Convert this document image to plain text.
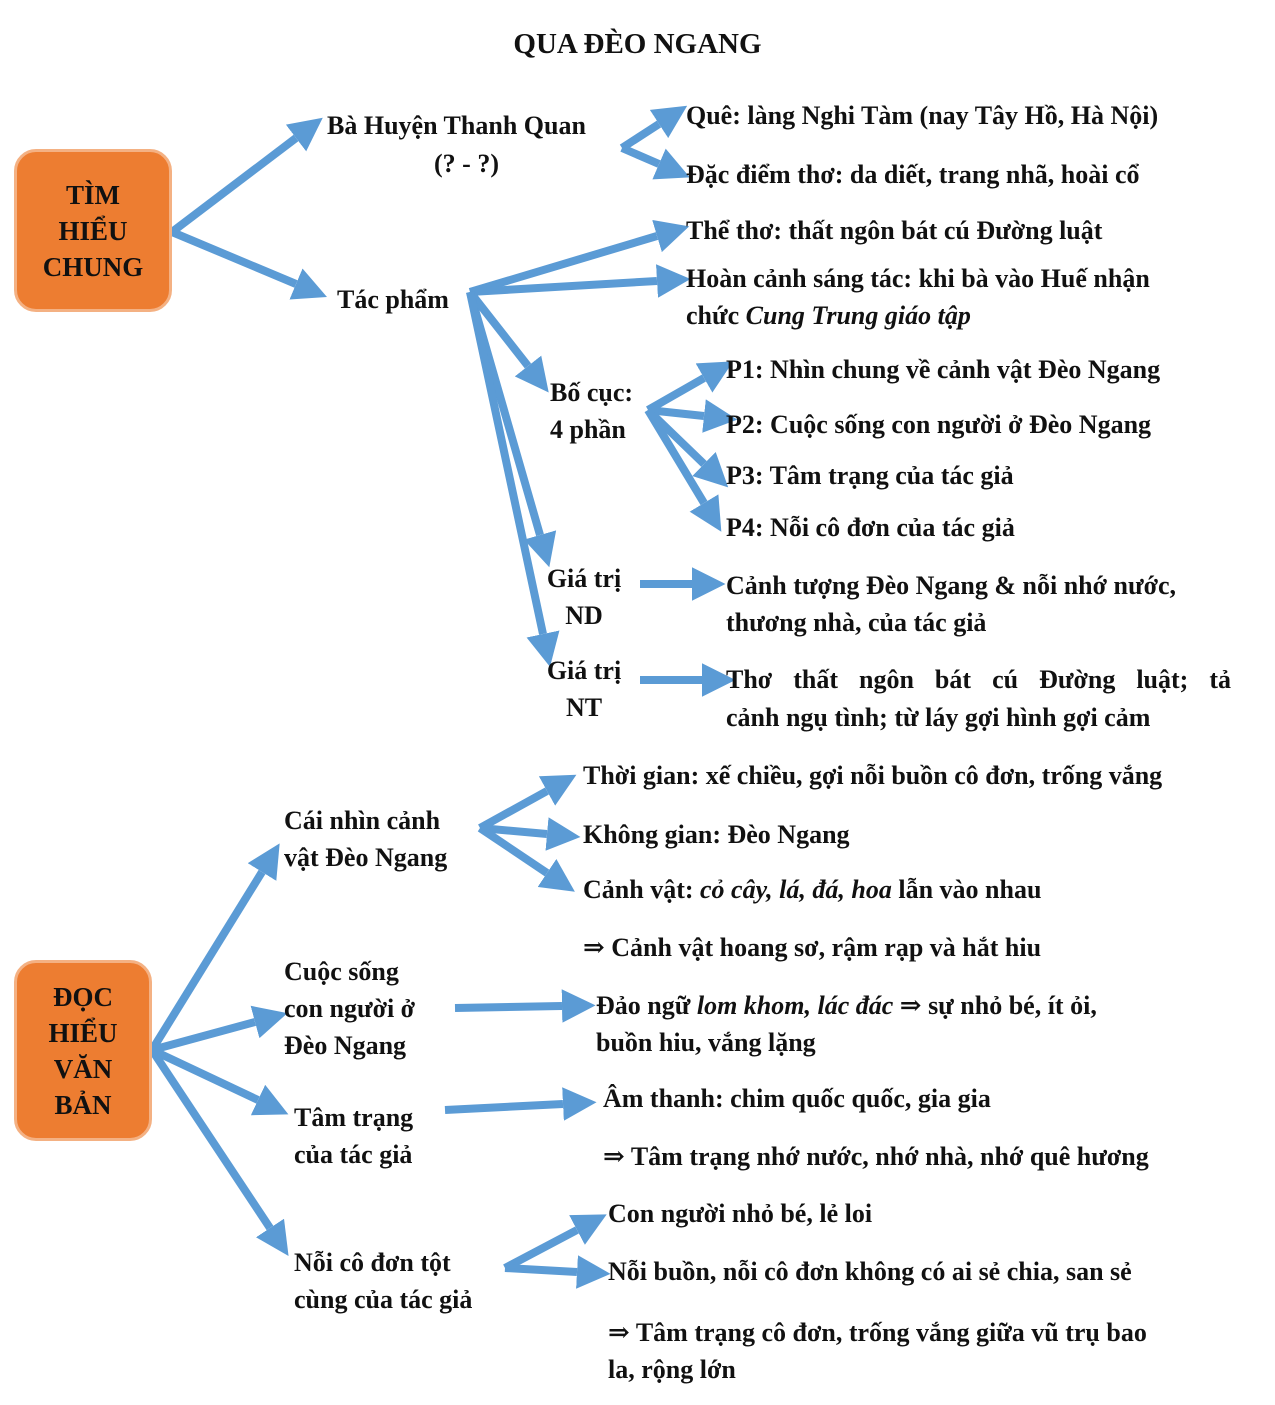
QUA ĐÈO NGANG
TÌM
HIỂU
CHUNG
Bà Huyện Thanh Quan
(? - ?)
Quê: làng Nghi Tàm (nay Tây Hồ, Hà Nội)
Đặc điểm thơ: da diết, trang nhã, hoài cổ
Tác phẩm
Thể thơ: thất ngôn bát cú Đường luật
Hoàn cảnh sáng tác: khi bà vào Huế nhận
chức Cung Trung giáo tập
Bố cục:
4 phần
P1: Nhìn chung về cảnh vật Đèo Ngang
P2: Cuộc sống con người ở Đèo Ngang
P3: Tâm trạng của tác giả
P4: Nỗi cô đơn của tác giả
Giá trị
ND
Cảnh tượng Đèo Ngang & nỗi nhớ nước,
thương nhà, của tác giả
Giá trị
NT
Thơ thất ngôn bát cú Đường luật; tả
cảnh ngụ tình; từ láy gợi hình gợi cảm
ĐỌC
HIỂU
VĂN
BẢN
Cái nhìn cảnh
vật Đèo Ngang
Thời gian: xế chiều, gợi nỗi buồn cô đơn, trống vắng
Không gian: Đèo Ngang
Cảnh vật: cỏ cây, lá, đá, hoa lẫn vào nhau
⇒ Cảnh vật hoang sơ, rậm rạp và hắt hiu
Cuộc sống
con người ở
Đèo Ngang
Đảo ngữ lom khom, lác đác ⇒ sự nhỏ bé, ít ỏi,
buồn hiu, vắng lặng
Tâm trạng
của tác giả
Âm thanh: chim quốc quốc, gia gia
⇒ Tâm trạng nhớ nước, nhớ nhà, nhớ quê hương
Nỗi cô đơn tột
cùng của tác giả
Con người nhỏ bé, lẻ loi
Nỗi buồn, nỗi cô đơn không có ai sẻ chia, san sẻ
⇒ Tâm trạng cô đơn, trống vắng giữa vũ trụ bao
la, rộng lớn
